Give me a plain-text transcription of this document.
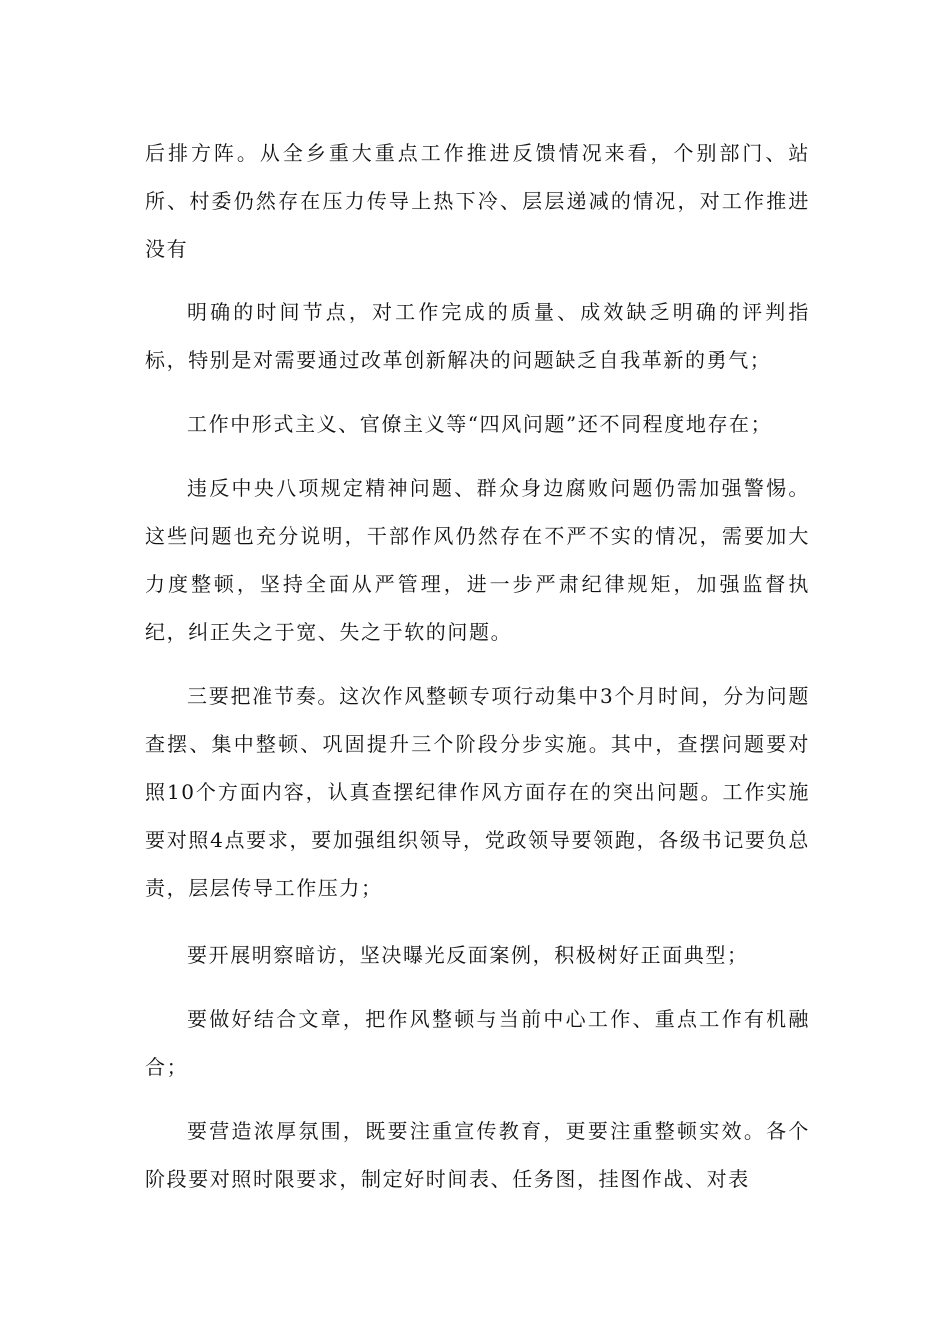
后排方阵。从全乡重大重点工作推进反馈情况来看，个别部门、站所、村委仍然存在压力传导上热下冷、层层递减的情况，对工作推进没有

明确的时间节点，对工作完成的质量、成效缺乏明确的评判指标，特别是对需要通过改革创新解决的问题缺乏自我革新的勇气；

工作中形式主义、官僚主义等“四风问题”还不同程度地存在；

违反中央八项规定精神问题、群众身边腐败问题仍需加强警惕。这些问题也充分说明，干部作风仍然存在不严不实的情况，需要加大力度整顿，坚持全面从严管理，进一步严肃纪律规矩，加强监督执纪，纠正失之于宽、失之于软的问题。

三要把准节奏。这次作风整顿专项行动集中3个月时间，分为问题查摆、集中整顿、巩固提升三个阶段分步实施。其中，查摆问题要对照10个方面内容，认真查摆纪律作风方面存在的突出问题。工作实施要对照4点要求，要加强组织领导，党政领导要领跑，各级书记要负总责，层层传导工作压力；

要开展明察暗访，坚决曝光反面案例，积极树好正面典型；

要做好结合文章，把作风整顿与当前中心工作、重点工作有机融合；

要营造浓厚氛围，既要注重宣传教育，更要注重整顿实效。各个阶段要对照时限要求，制定好时间表、任务图，挂图作战、对表
